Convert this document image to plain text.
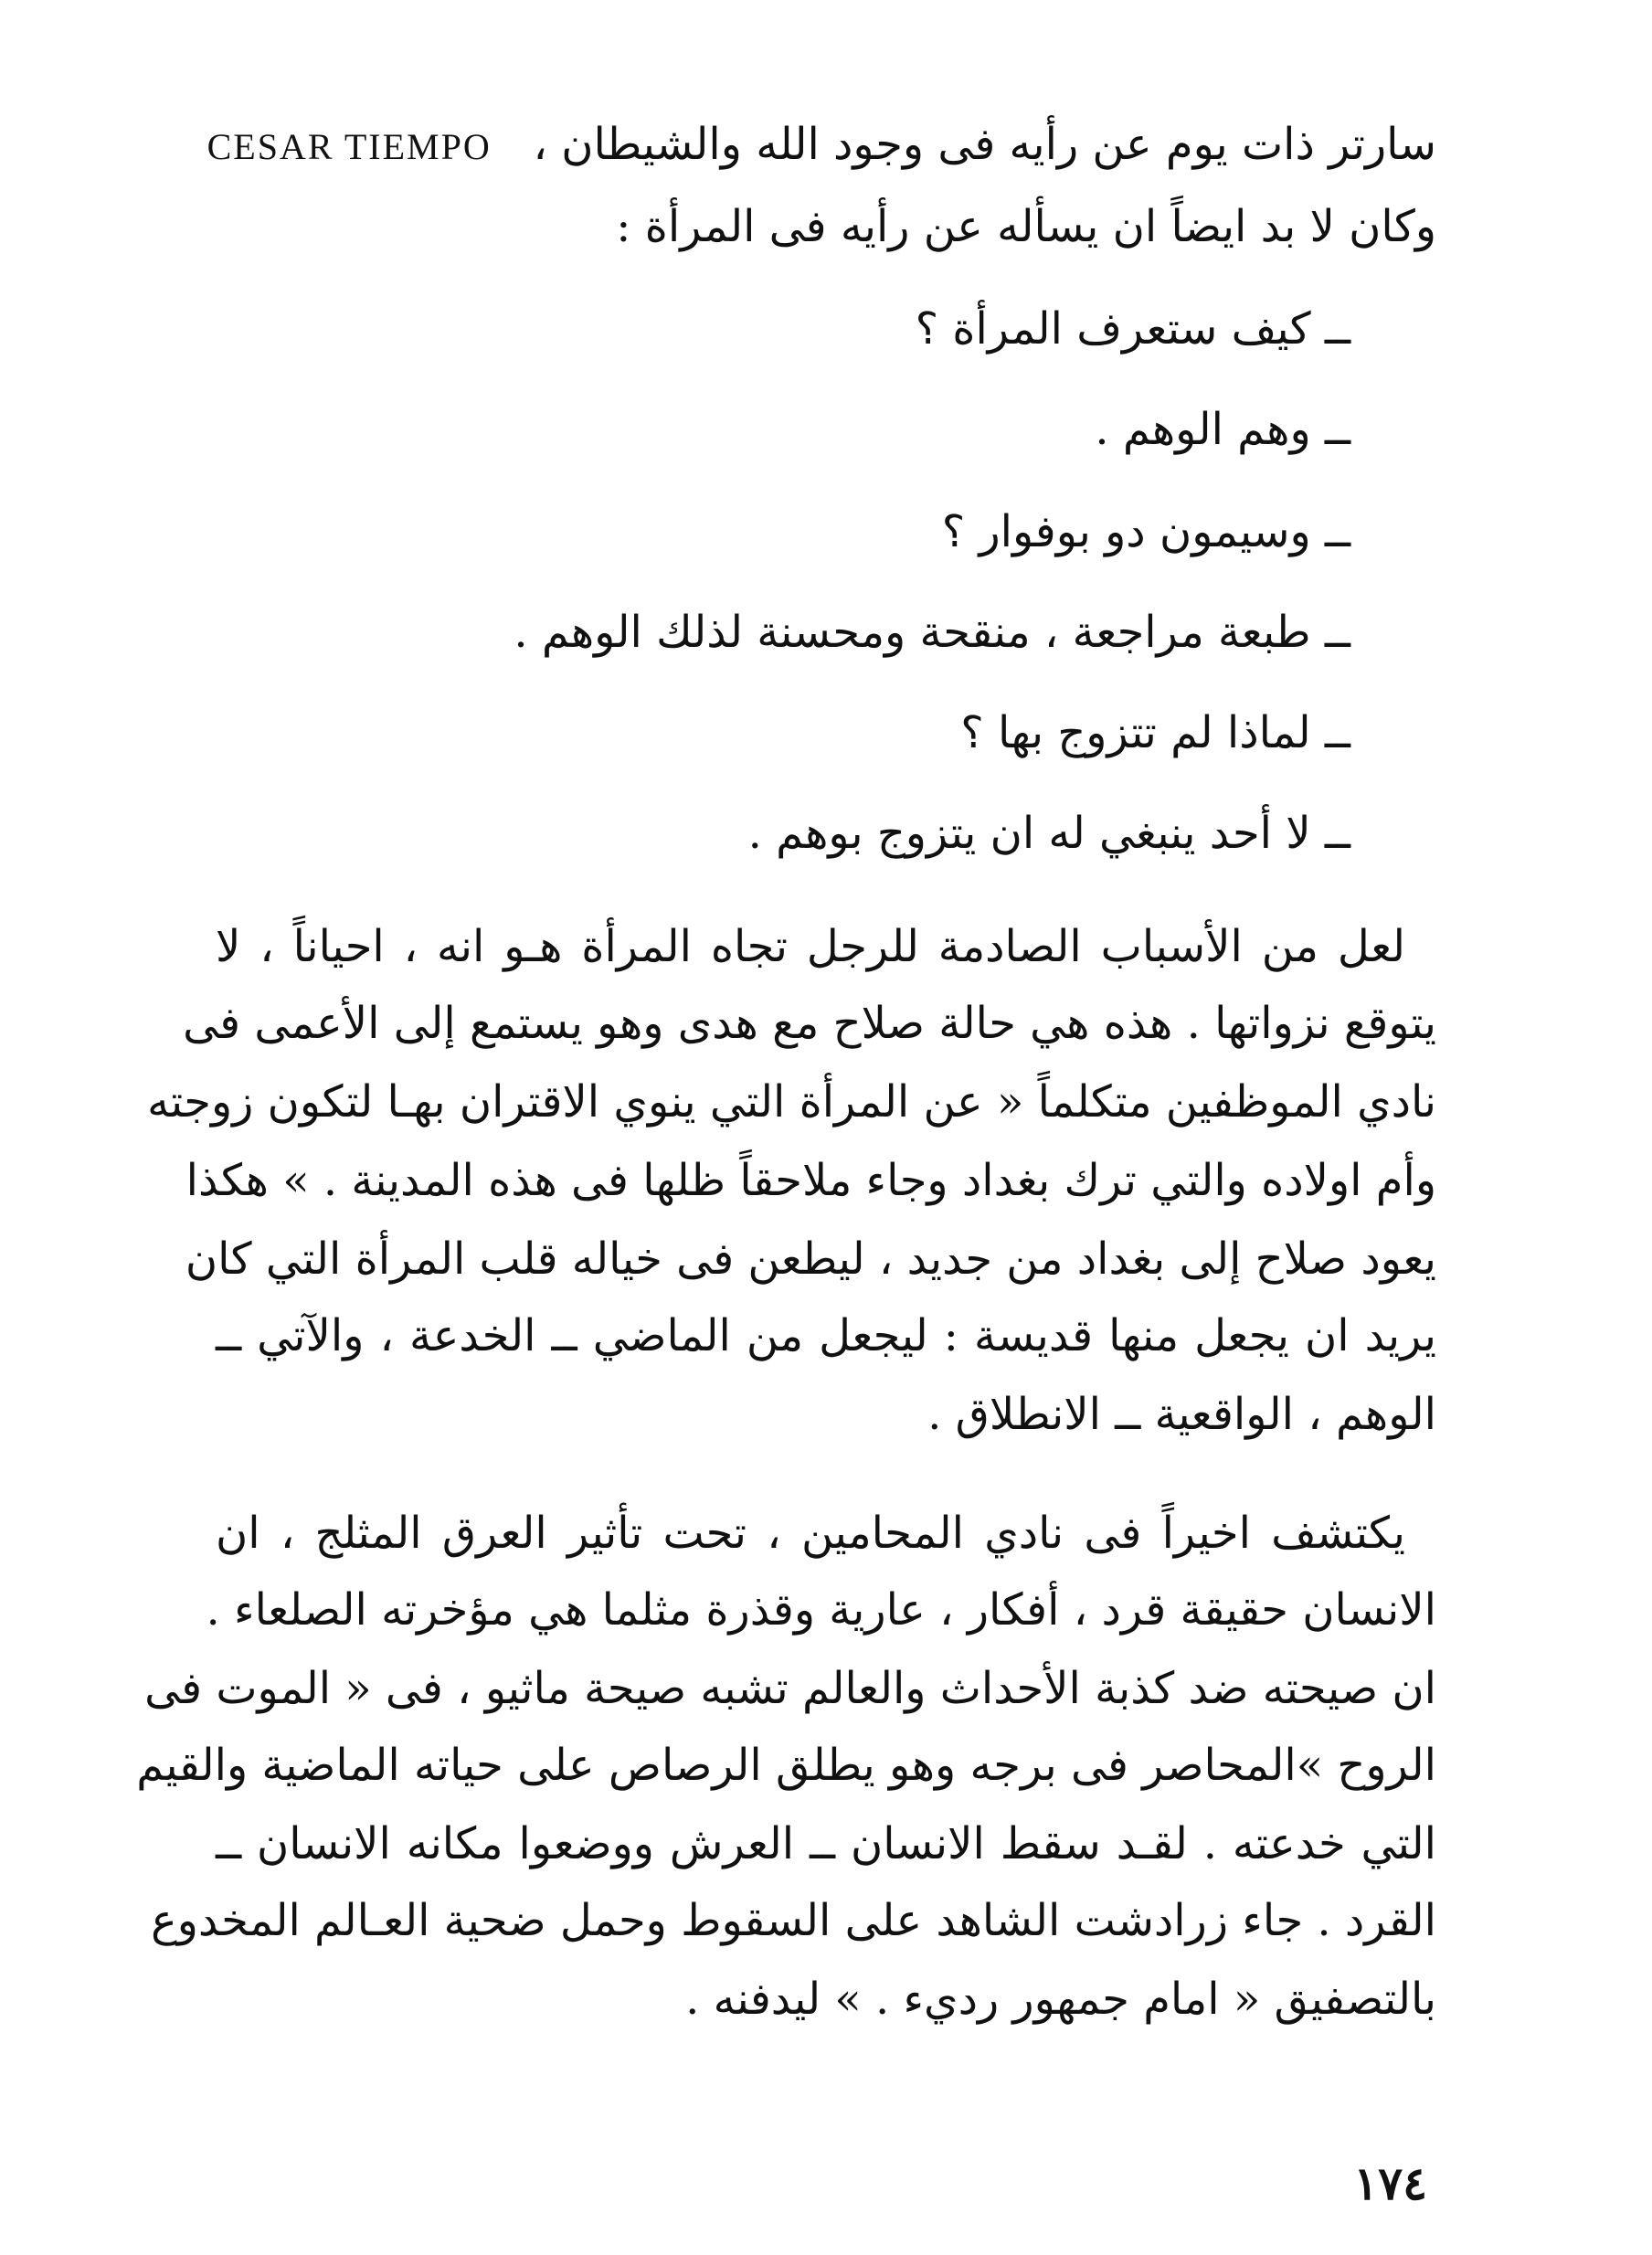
سارتر ذات يوم عن رأيه فى وجود الله والشيطان ،   CESAR TIEMPO
وكان لا بد ايضاً ان يسأله عن رأيه فى المرأة :
ــ كيف ستعرف المرأة ؟
ــ وهم الوهم .
ــ وسيمون دو بوفوار ؟
ــ طبعة مراجعة ، منقحة ومحسنة لذلك الوهم .
ــ لماذا لم تتزوج بها ؟
ــ لا أحد ينبغي له ان يتزوج بوهم .
لعل من الأسباب الصادمة للرجل تجاه المرأة هـو انه ، احياناً ، لا
يتوقع نزواتها . هذه هي حالة صلاح مع هدى وهو يستمع إلى الأعمى فى
نادي الموظفين متكلماً « عن المرأة التي ينوي الاقتران بهـا لتكون زوجته
وأم اولاده والتي ترك بغداد وجاء ملاحقاً ظلها فى هذه المدينة . » هكذا
يعود صلاح إلى بغداد من جديد ، ليطعن فى خياله قلب المرأة التي كان
يريد ان يجعل منها قديسة : ليجعل من الماضي ــ الخدعة ، والآتي ــ
الوهم ، الواقعية ــ الانطلاق .
يكتشف اخيراً فى نادي المحامين ، تحت تأثير العرق المثلج ، ان
الانسان حقيقة قرد ، أفكار ، عارية وقذرة مثلما هي مؤخرته الصلعاء .
ان صيحته ضد كذبة الأحداث والعالم تشبه صيحة ماثيو ، فى « الموت فى
الروح »المحاصر فى برجه وهو يطلق الرصاص على حياته الماضية والقيم
التي خدعته . لقـد سقط الانسان ــ العرش ووضعوا مكانه الانسان ــ
القرد . جاء زرادشت الشاهد على السقوط وحمل ضحية العـالم المخدوع
بالتصفيق « امام جمهور رديء . » ليدفنه .
١٧٤
